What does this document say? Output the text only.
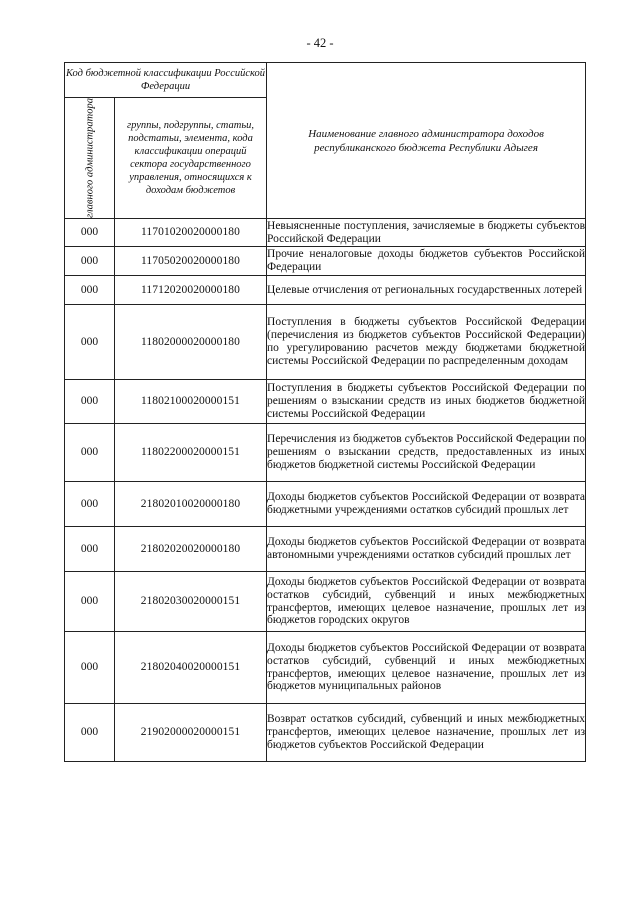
- 42 -
Код бюджетной классификации Российской Федерации		Наименование главного администратора доходов республиканского бюджета Республики Адыгея

главного администратора	группы, подгруппы, статьи, подстатьи, элемента, кода классификации операций сектора государственного управления, относящихся к доходам бюджетов	
000	11701020020000180	Невыясненные поступления, зачисляемые в бюджеты субъектов Российской Федерации
000	11705020020000180	Прочие неналоговые доходы бюджетов субъектов Российской Федерации
000	11712020020000180	Целевые отчисления от региональных государственных лотерей
000	11802000020000180	Поступления в бюджеты субъектов Российской Федерации (перечисления из бюджетов субъектов Российской Федерации) по урегулированию расчетов между бюджетами бюджетной системы Российской Федерации по распределенным доходам
000	11802100020000151	Поступления в бюджеты субъектов Российской Федерации по решениям о взыскании средств из иных бюджетов бюджетной системы Российской Федерации
000	11802200020000151	Перечисления из бюджетов субъектов Российской Федерации по решениям о взыскании средств, предоставленных из иных бюджетов бюджетной системы Российской Федерации
000	21802010020000180	Доходы бюджетов субъектов Российской Федерации от возврата бюджетными учреждениями остатков субсидий прошлых лет
000	21802020020000180	Доходы бюджетов субъектов Российской Федерации от возврата автономными учреждениями остатков субсидий прошлых лет
000	21802030020000151	Доходы бюджетов субъектов Российской Федерации от возврата остатков субсидий, субвенций и иных межбюджетных трансфертов, имеющих целевое назначение, прошлых лет из бюджетов городских округов
000	21802040020000151	Доходы бюджетов субъектов Российской Федерации от возврата остатков субсидий, субвенций и иных межбюджетных трансфертов, имеющих целевое назначение, прошлых лет из бюджетов муниципальных районов
000	21902000020000151	Возврат остатков субсидий, субвенций и иных межбюджетных трансфертов, имеющих целевое назначение, прошлых лет из бюджетов субъектов Российской Федерации
